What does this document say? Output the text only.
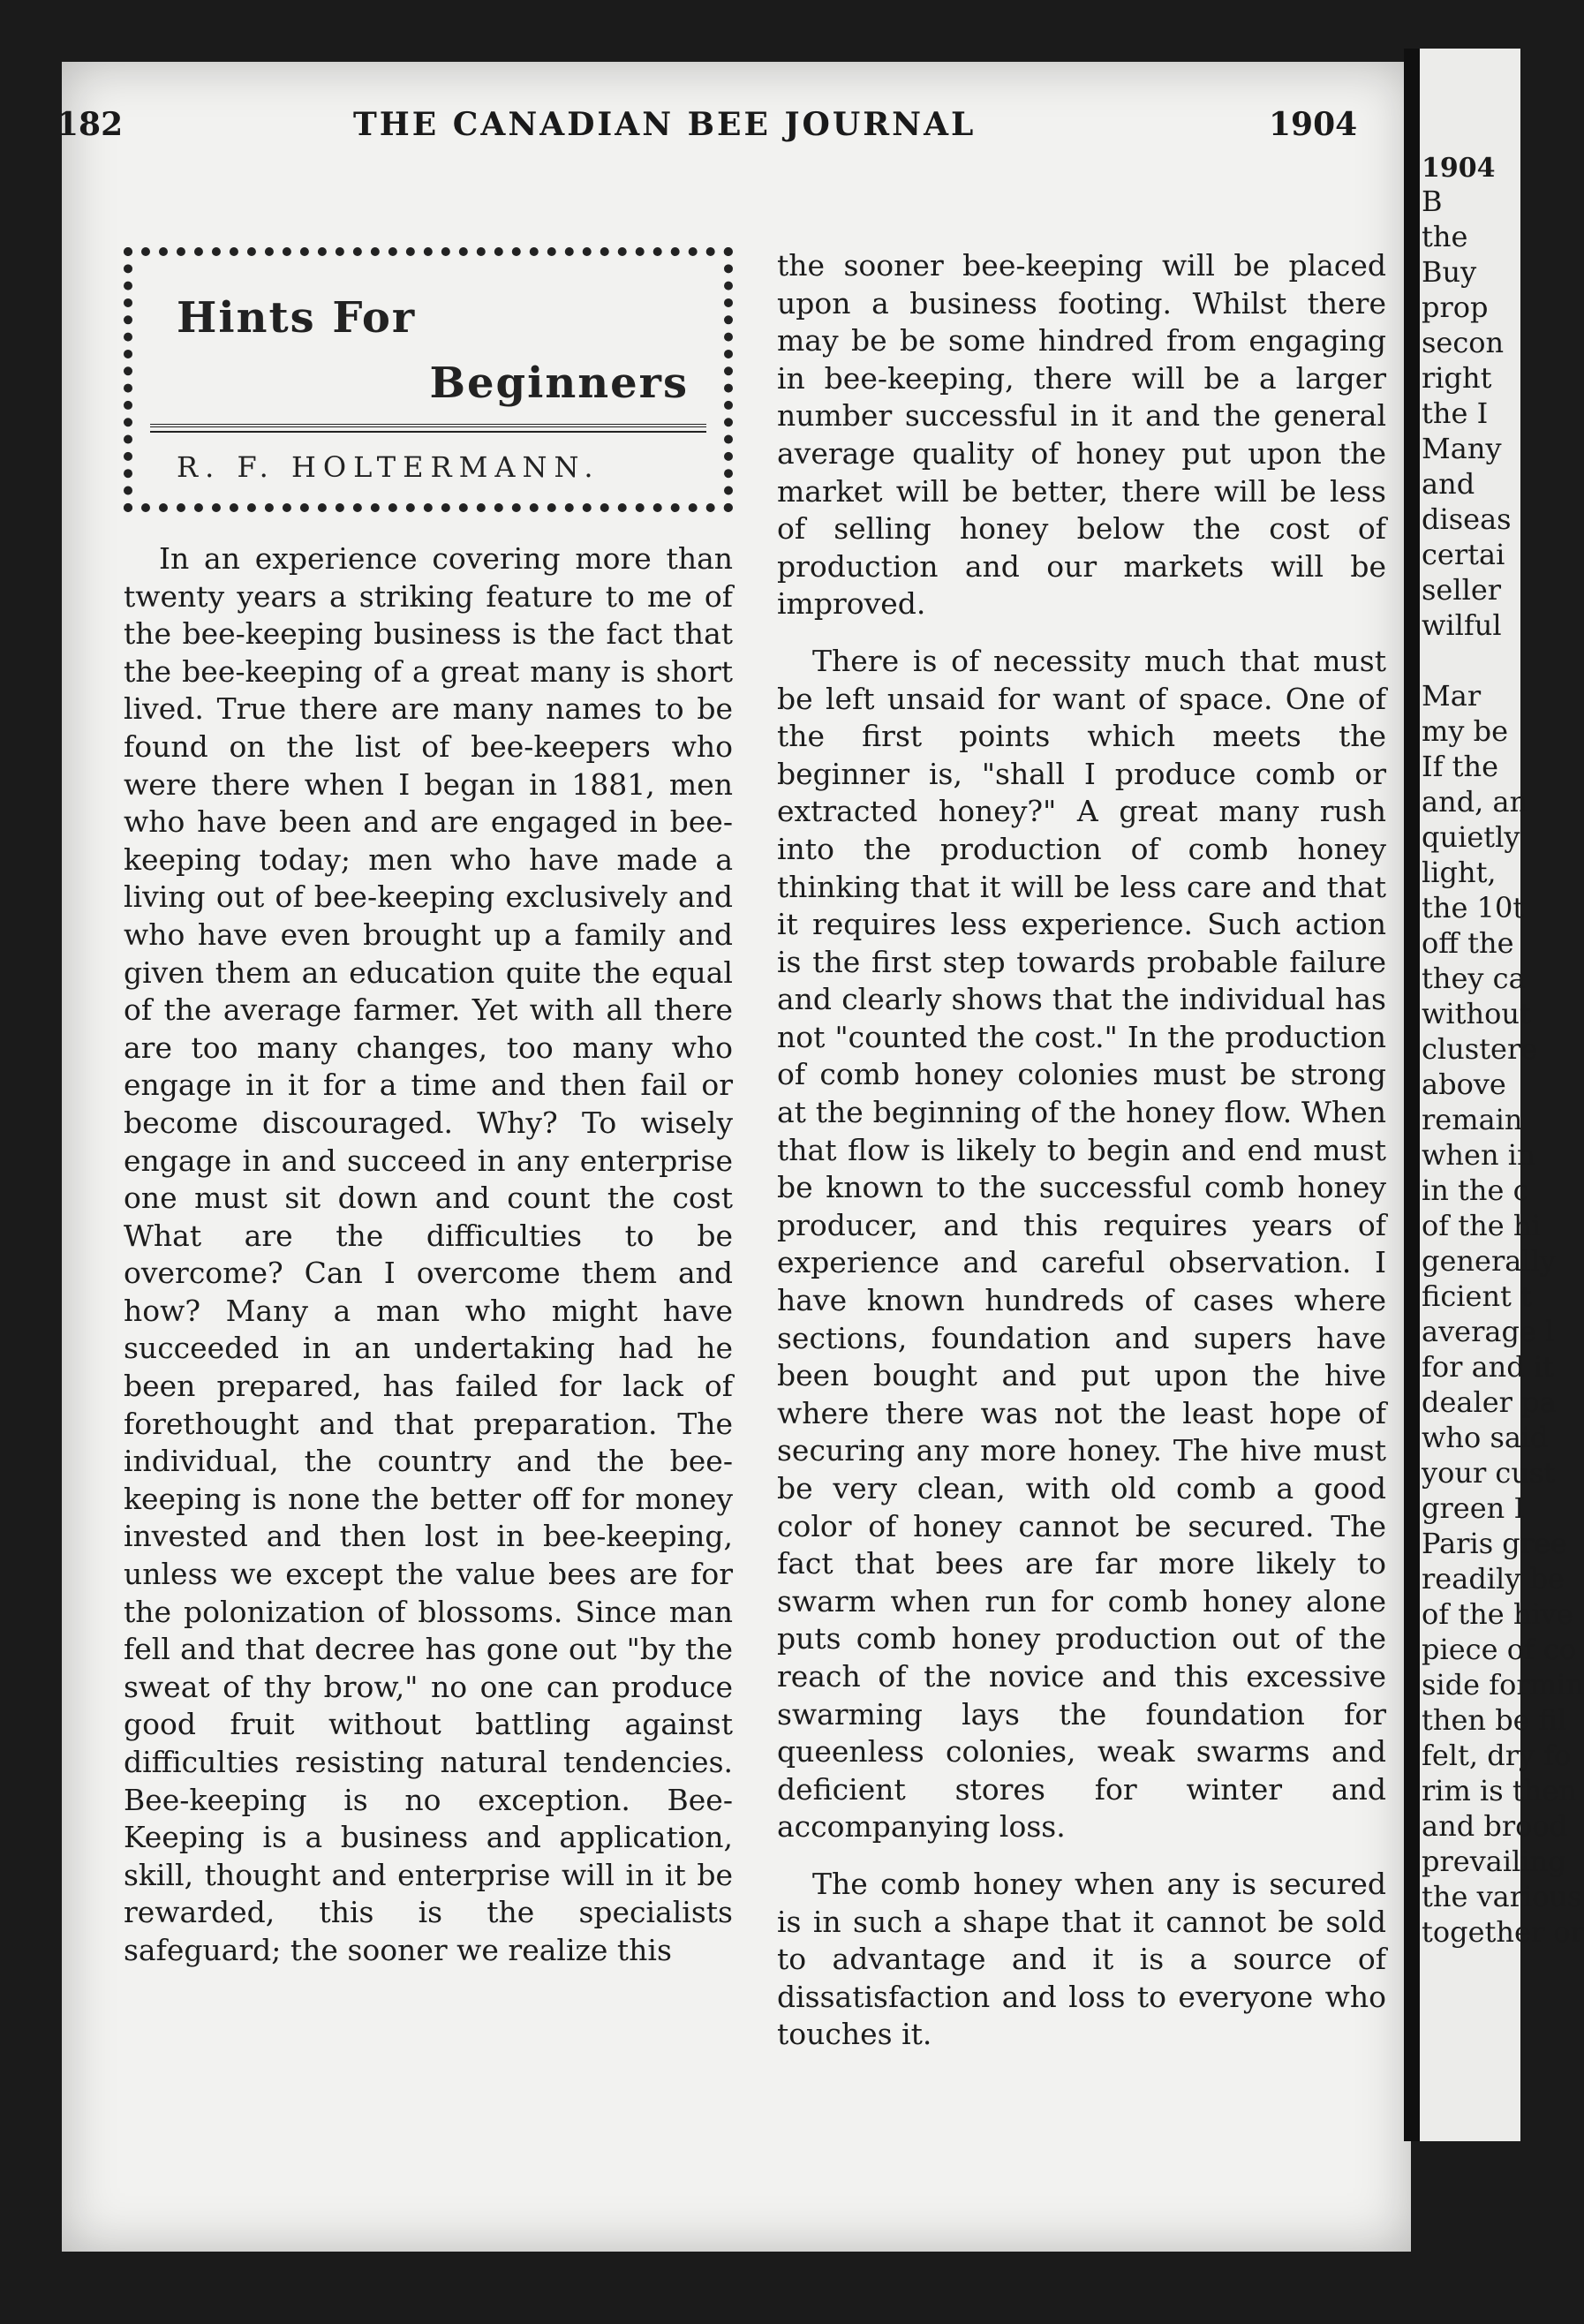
1904
B
the
Buy
prop
secon
right
the I
Many
and
diseas
certai
seller
wilful

Mar
my be
If the
and, an
quietly
light,
the 10t
off the
they ca
without
clustere
above
remain
when in
in the c
of the hi
generally
ficient t
average l
for and it
dealer pa
who said
your cust
green I
Paris gree
readily be
of the hive
piece of co
side formin
then be fil
felt, dry fo
rim is then
and brood
prevailing
the various
together or
182	THE CANADIAN BEE JOURNAL	1904
Hints For
Beginners
R. F. HOLTERMANN.

In an experience covering more than twenty years a striking feature to me of the bee-keeping business is the fact that the bee-keeping of a great many is short lived. True there are many names to be found on the list of bee-keepers who were there when I began in 1881, men who have been and are engaged in bee-keeping today; men who have made a living out of bee-keeping exclusively and who have even brought up a family and given them an education quite the equal of the average farmer. Yet with all there are too many changes, too many who engage in it for a time and then fail or become discouraged. Why? To wisely engage in and succeed in any enterprise one must sit down and count the cost What are the difficulties to be overcome? Can I overcome them and how? Many a man who might have succeeded in an undertaking had he been prepared, has failed for lack of forethought and that preparation. The individual, the country and the bee-keeping is none the better off for money invested and then lost in bee-keeping, unless we except the value bees are for the polonization of blossoms. Since man fell and that decree has gone out "by the sweat of thy brow," no one can produce good fruit without battling against difficulties resisting natural tendencies. Bee-keeping is no exception. Bee-Keeping is a business and application, skill, thought and enterprise will in it be rewarded, this is the specialists safeguard; the sooner we realize this

the sooner bee-keeping will be placed upon a business footing. Whilst there may be be some hindred from engaging in bee-keeping, there will be a larger number successful in it and the general average quality of honey put upon the market will be better, there will be less of selling honey below the cost of production and our markets will be improved.

There is of necessity much that must be left unsaid for want of space. One of the first points which meets the beginner is, "shall I produce comb or extracted honey?" A great many rush into the production of comb honey thinking that it will be less care and that it requires less experience. Such action is the first step towards probable failure and clearly shows that the individual has not "counted the cost." In the production of comb honey colonies must be strong at the beginning of the honey flow. When that flow is likely to begin and end must be known to the successful comb honey producer, and this requires years of experience and careful observation. I have known hundreds of cases where sections, foundation and supers have been bought and put upon the hive where there was not the least hope of securing any more honey. The hive must be very clean, with old comb a good color of honey cannot be secured. The fact that bees are far more likely to swarm when run for comb honey alone puts comb honey production out of the reach of the novice and this excessive swarming lays the foundation for queenless colonies, weak swarms and deficient stores for winter and accompanying loss.

The comb honey when any is secured is in such a shape that it cannot be sold to advantage and it is a source of dissatisfaction and loss to everyone who touches it.
